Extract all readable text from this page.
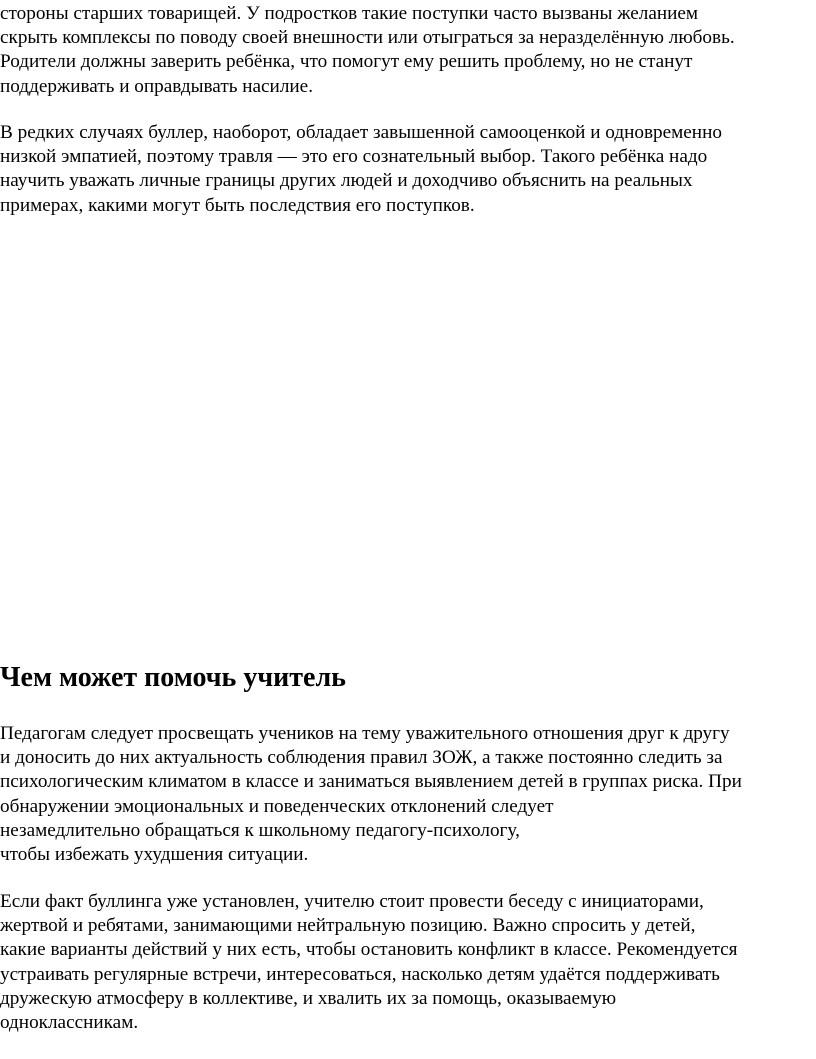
стороны старших товарищей. У подростков такие поступки часто вызваны желанием
скрыть комплексы по поводу своей внешности или отыграться за неразделённую любовь.
Родители должны заверить ребёнка, что помогут ему решить проблему, но не станут
поддерживать и оправдывать насилие.

В редких случаях буллер, наоборот, обладает завышенной самооценкой и одновременно
низкой эмпатией, поэтому травля — это его сознательный выбор. Такого ребёнка надо
научить уважать личные границы других людей и доходчиво объяснить на реальных
примерах, какими могут быть последствия его поступков.

Чем может помочь учитель

Педагогам следует просвещать учеников на тему уважительного отношения друг к другу
и доносить до них актуальность соблюдения правил ЗОЖ, а также постоянно следить за
психологическим климатом в классе и заниматься выявлением детей в группах риска. При
обнаружении эмоциональных и поведенческих отклонений следует
незамедлительно обращаться к школьному педагогу-психологу,
чтобы избежать ухудшения ситуации.

Если факт буллинга уже установлен, учителю стоит провести беседу с инициаторами,
жертвой и ребятами, занимающими нейтральную позицию. Важно спросить у детей,
какие варианты действий у них есть, чтобы остановить конфликт в классе. Рекомендуется
устраивать регулярные встречи, интересоваться, насколько детям удаётся поддерживать
дружескую атмосферу в коллективе, и хвалить их за помощь, оказываемую
одноклассникам.
